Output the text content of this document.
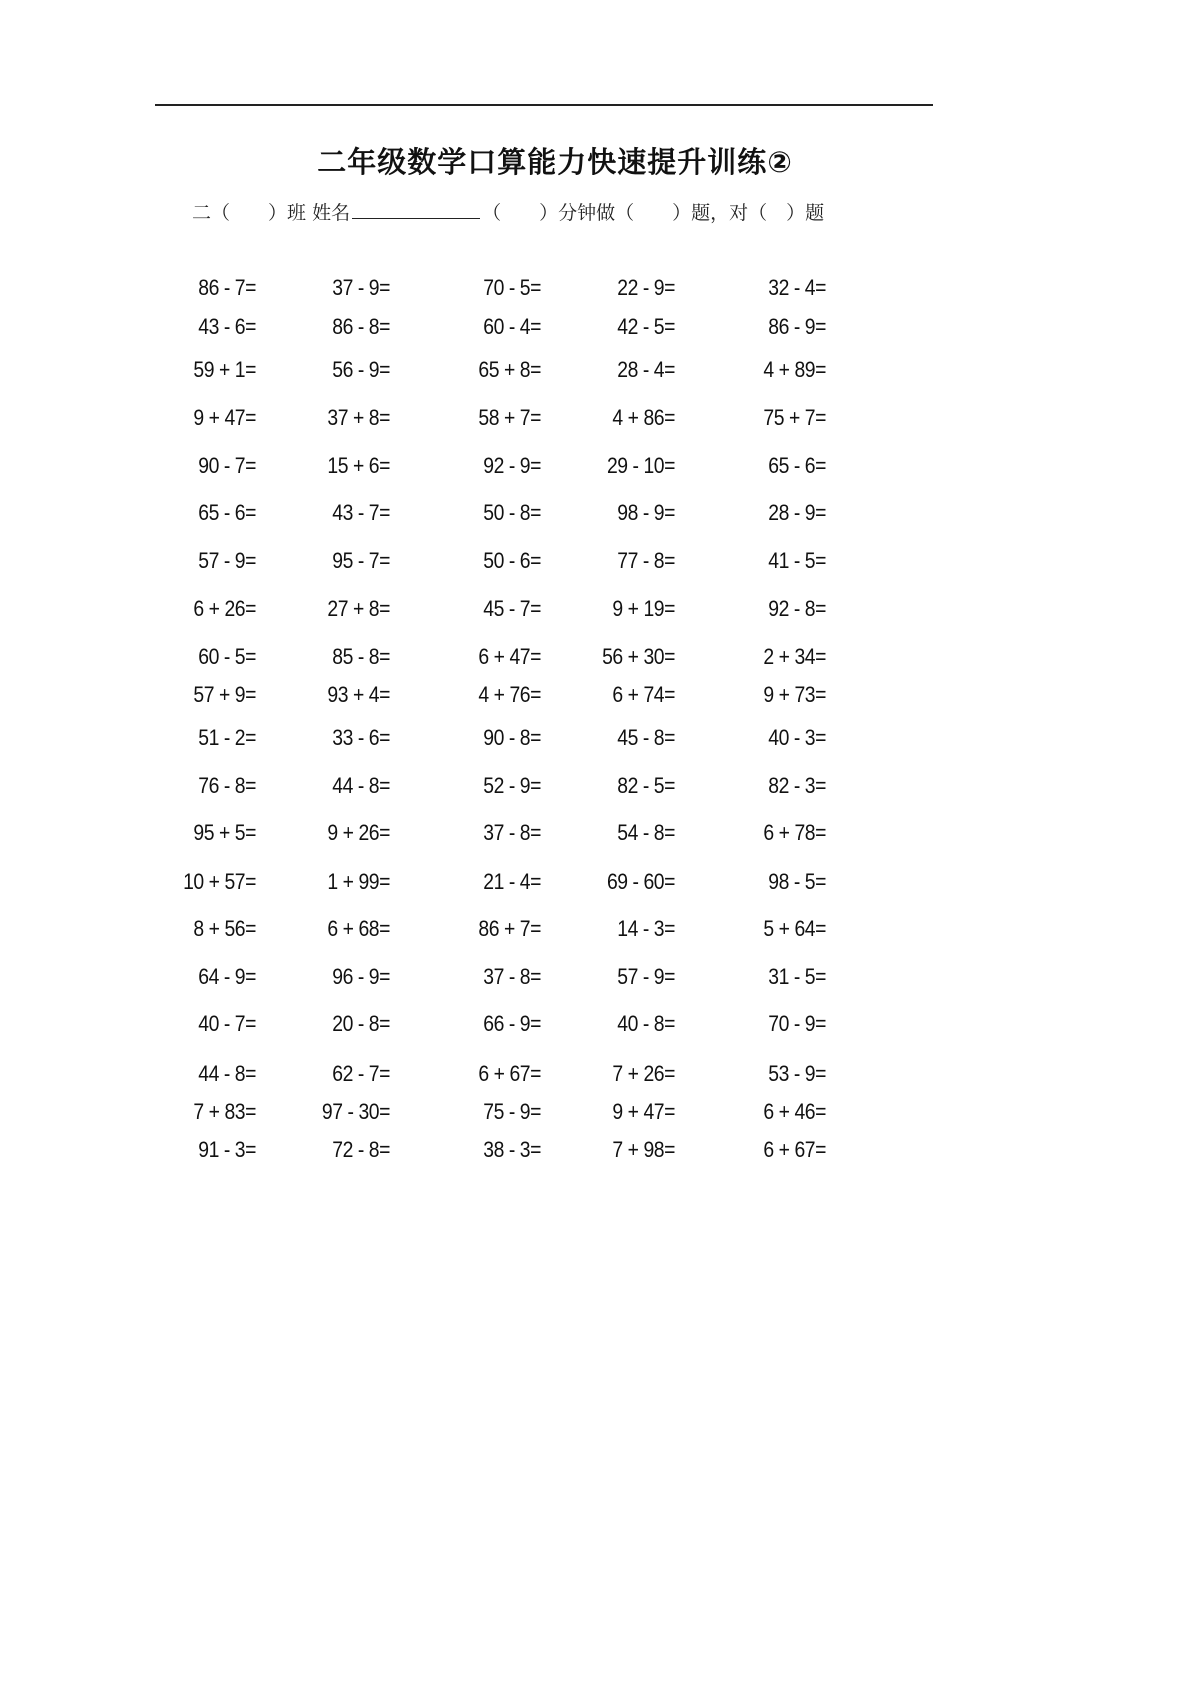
二年级数学口算能力快速提升训练②
二（　　）班
姓名	（　　）分钟做（　　）题，对（　）题
86 - 7=	37 - 9=	70 - 5=	22 - 9=	32 - 4=
43 - 6=	86 - 8=	60 - 4=	42 - 5=	86 - 9=
59 + 1=	56 - 9=	65 + 8=	28 - 4=	4 + 89=
9 + 47=	37 + 8=	58 + 7=	4 + 86=	75 + 7=
90 - 7=	15 + 6=	92 - 9=	29 - 10=	65 - 6=
65 - 6=	43 - 7=	50 - 8=	98 - 9=	28 - 9=
57 - 9=	95 - 7=	50 - 6=	77 - 8=	41 - 5=
6 + 26=	27 + 8=	45 - 7=	9 + 19=	92 - 8=
60 - 5=	85 - 8=	6 + 47=	56 + 30=	2 + 34=
57 + 9=	93 + 4=	4 + 76=	6 + 74=	9 + 73=
51 - 2=	33 - 6=	90 - 8=	45 - 8=	40 - 3=
76 - 8=	44 - 8=	52 - 9=	82 - 5=	82 - 3=
95 + 5=	9 + 26=	37 - 8=	54 - 8=	6 + 78=
10 + 57=	1 + 99=	21 - 4=	69 - 60=	98 - 5=
8 + 56=	6 + 68=	86 + 7=	14 - 3=	5 + 64=
64 - 9=	96 - 9=	37 - 8=	57 - 9=	31 - 5=
40 - 7=	20 - 8=	66 - 9=	40 - 8=	70 - 9=
44 - 8=	62 - 7=	6 + 67=	7 + 26=	53 - 9=
7 + 83=	97 - 30=	75 - 9=	9 + 47=	6 + 46=
91 - 3=	72 - 8=	38 - 3=	7 + 98=	6 + 67=
